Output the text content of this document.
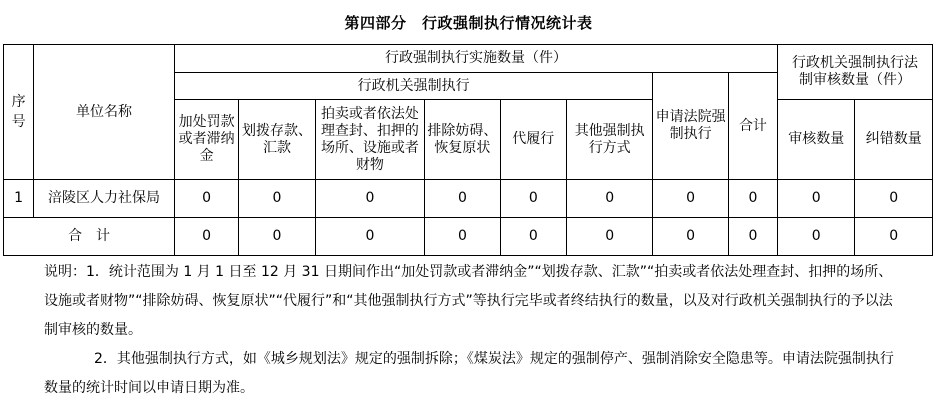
第四部分　行政强制执行情况统计表
序号	单位名称	行政强制执行实施数量（件）								行政机关强制执行法制审核数量（件）	
		行政机关强制执行						申请法院强制执行	合计		
		加处罚款或者滞纳金	划拨存款、汇款	拍卖或者依法处理查封、扣押的场所、设施或者财物	排除妨碍、恢复原状	代履行	其他强制执行方式			审核数量	纠错数量
1	涪陵区人力社保局	0	0	0	0	0	0	0	0	0	0
合　计		0	0	0	0	0	0	0	0	0	0

说明：1．统计范围为 1 月 1 日至 12 月 31 日期间作出“加处罚款或者滞纳金”“划拨存款、汇款”“拍卖或者依法处理查封、扣押的场所、设施或者财物”“排除妨碍、恢复原状”“代履行”和“其他强制执行方式”等执行完毕或者终结执行的数量，以及对行政机关强制执行的予以法制审核的数量。

2．其他强制执行方式，如《城乡规划法》规定的强制拆除；《煤炭法》规定的强制停产、强制消除安全隐患等。申请法院强制执行数量的统计时间以申请日期为准。
